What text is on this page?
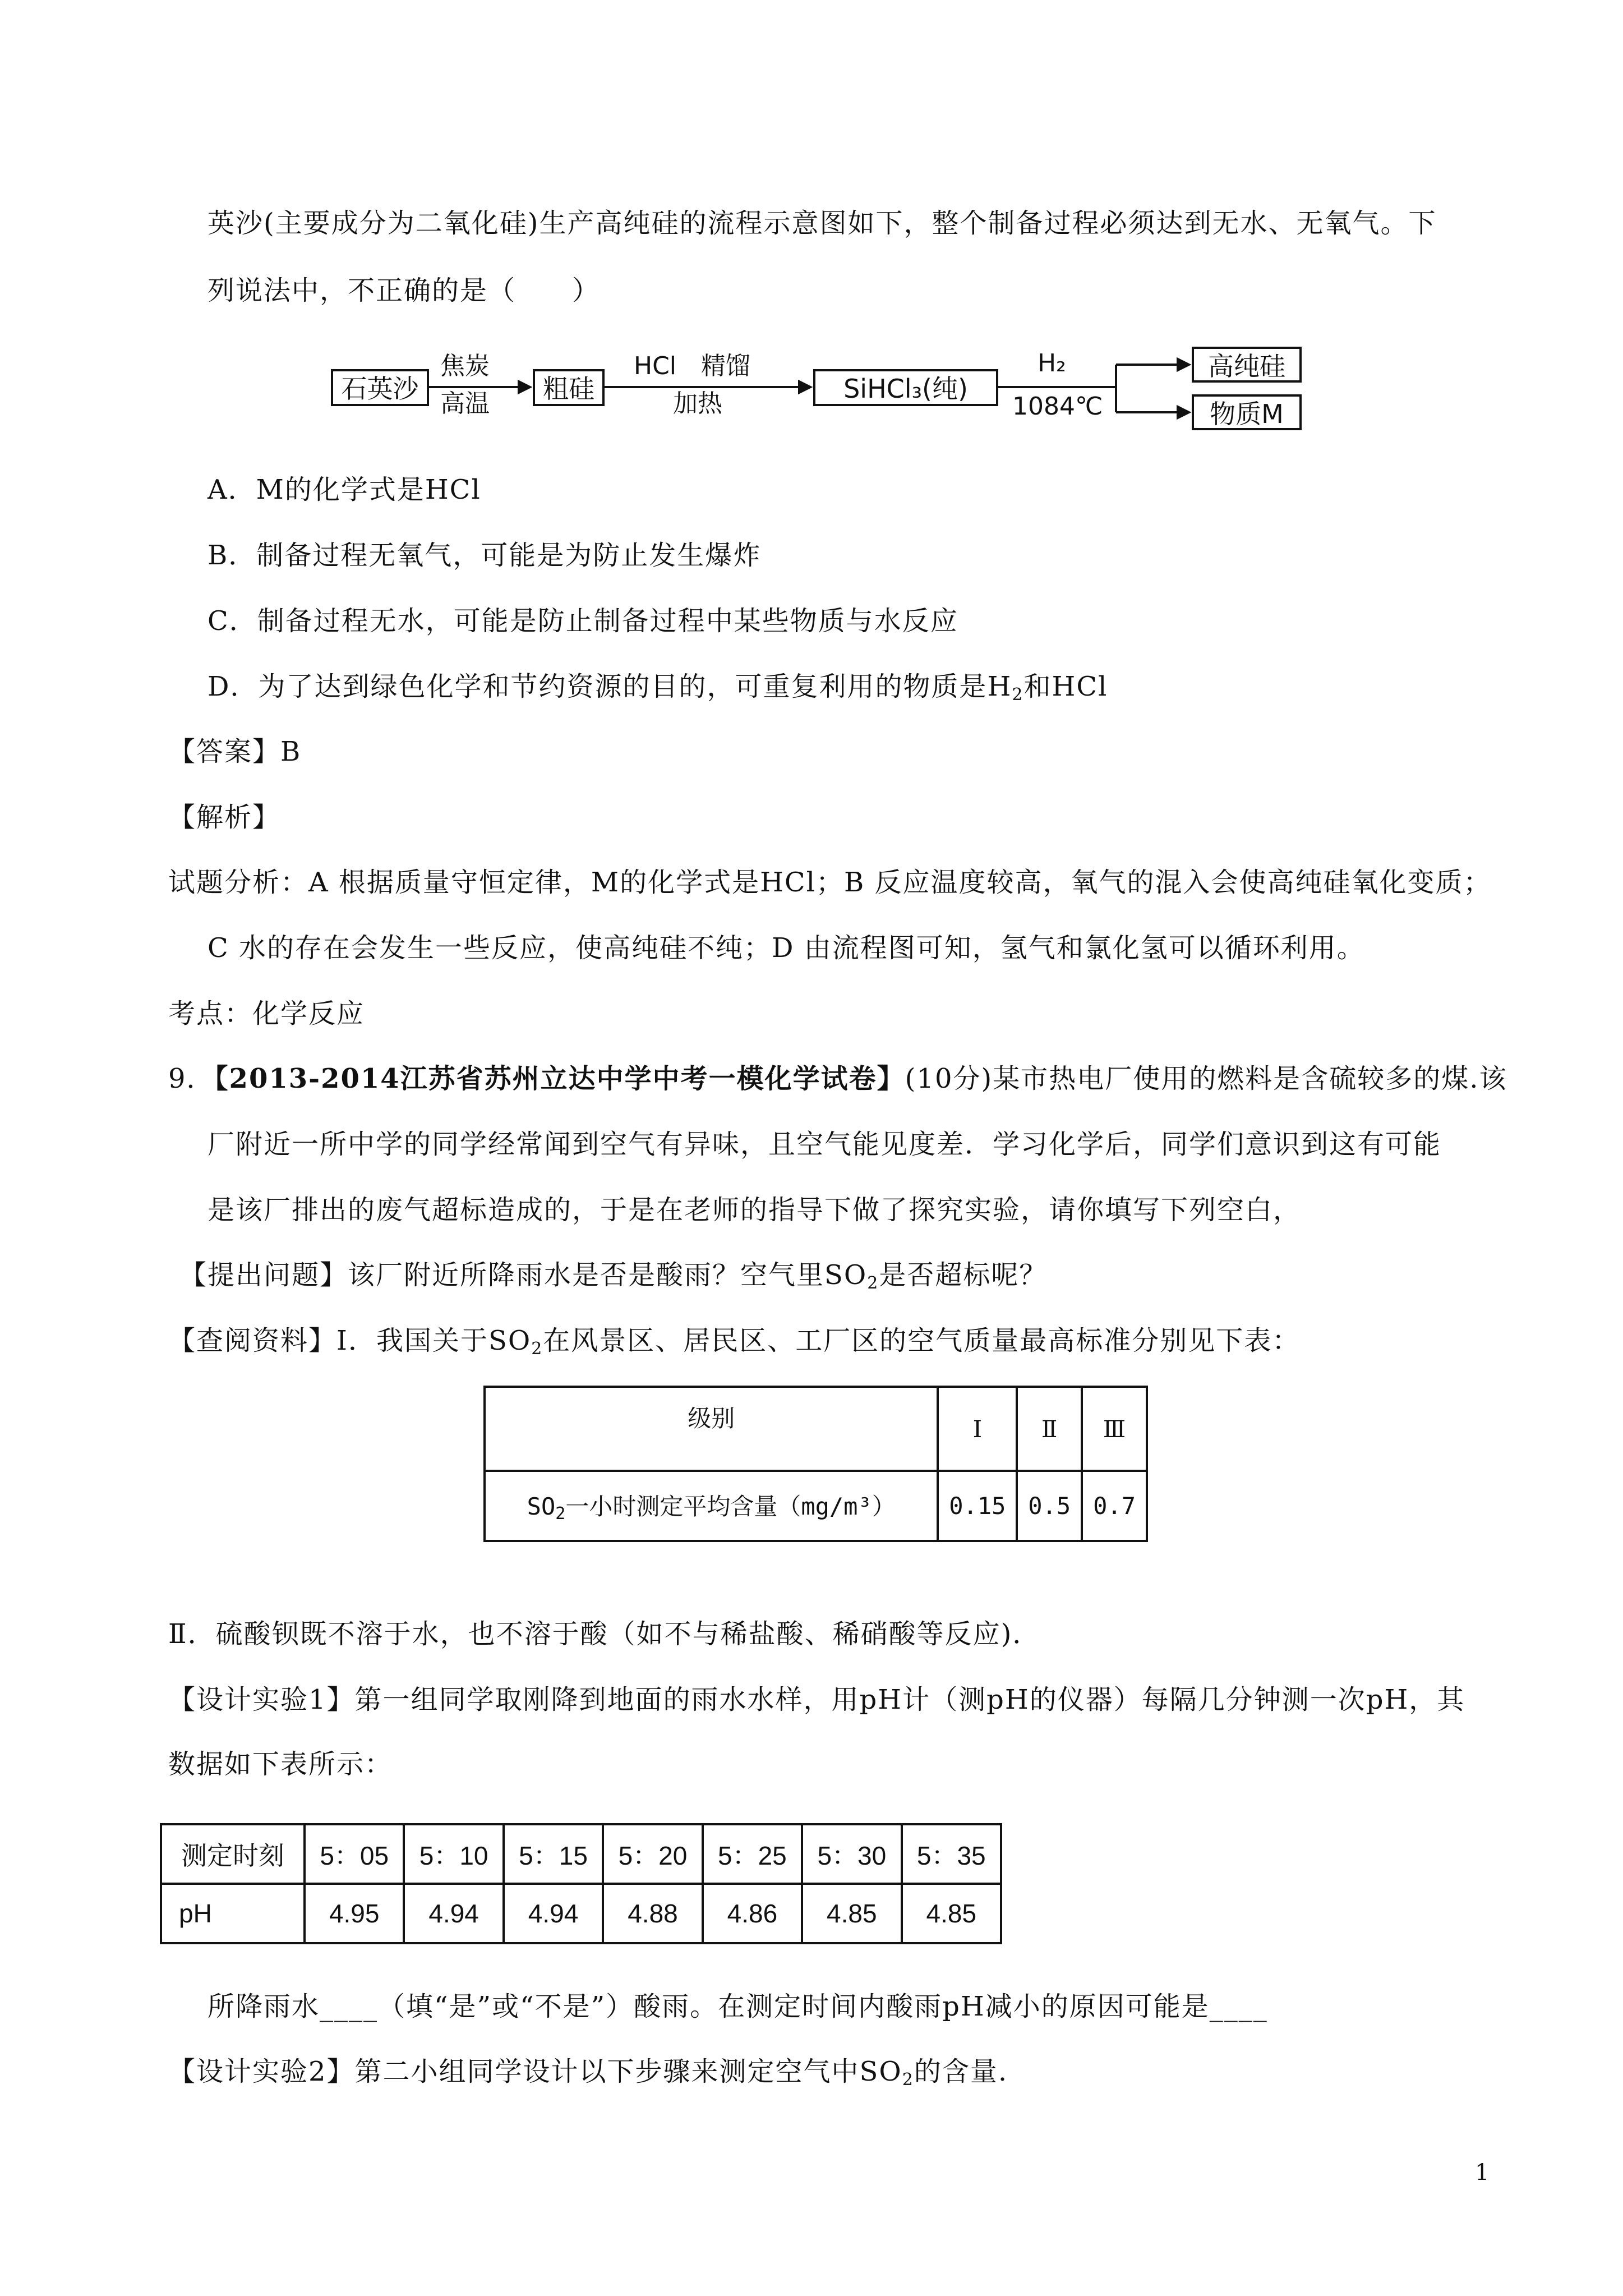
英沙(主要成分为二氧化硅)生产高纯硅的流程示意图如下，整个制备过程必须达到无水、无氧气。下
列说法中，不正确的是（　　）
石英沙
焦炭
高温	粗硅
HCl　精馏
加热	SiHCl₃(纯)
H₂
1084℃
高纯硅
物质M
A．M的化学式是HCl
B．制备过程无氧气，可能是为防止发生爆炸
C．制备过程无水，可能是防止制备过程中某些物质与水反应
D．为了达到绿色化学和节约资源的目的，可重复利用的物质是$H_2$和HCl
【答案】B
【解析】
试题分析：A 根据质量守恒定律，M的化学式是HCl；B 反应温度较高，氧气的混入会使高纯硅氧化变质；
C 水的存在会发生一些反应，使高纯硅不纯；D 由流程图可知，氢气和氯化氢可以循环利用。
考点：化学反应
9．【2013-2014江苏省苏州立达中学中考一模化学试卷】(10分)某市热电厂使用的燃料是含硫较多的煤.该
厂附近一所中学的同学经常闻到空气有异味，且空气能见度差．学习化学后，同学们意识到这有可能
是该厂排出的废气超标造成的，于是在老师的指导下做了探究实验，请你填写下列空白，
【提出问题】该厂附近所降雨水是否是酸雨？空气里$SO_2$是否超标呢？
【查阅资料】Ⅰ．我国关于$SO_2$在风景区、居民区、工厂区的空气质量最高标准分别见下表：
级别	Ⅰ	Ⅱ	Ⅲ
$SO_2$一小时测定平均含量（mg/m³）	0.15	0.5	0.7
Ⅱ．硫酸钡既不溶于水，也不溶于酸（如不与稀盐酸、稀硝酸等反应)．
【设计实验1】第一组同学取刚降到地面的雨水水样，用pH计（测pH的仪器）每隔几分钟测一次pH，其
数据如下表所示：
测定时刻	5：05	5：10	5：15	5：20	5：25	5：30	5：35
pH	4.95	4.94	4.94	4.88	4.86	4.85	4.85
所降雨水____（填“是”或“不是”）酸雨。在测定时间内酸雨pH减小的原因可能是____
【设计实验2】第二小组同学设计以下步骤来测定空气中$SO_2$的含量.
1
